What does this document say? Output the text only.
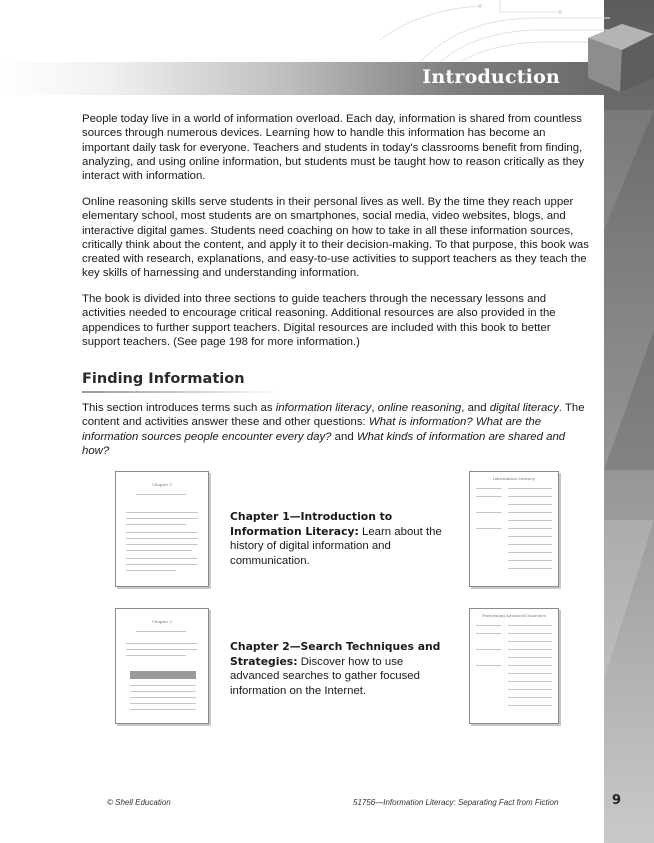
Introduction

People today live in a world of information overload. Each day, information is shared from countless sources through numerous devices. Learning how to handle this information has become an important daily task for everyone. Teachers and students in today's classrooms benefit from finding, analyzing, and using online information, but students must be taught how to reason critically as they interact with information.

Online reasoning skills serve students in their personal lives as well. By the time they reach upper elementary school, most students are on smartphones, social media, video websites, blogs, and interactive digital games. Students need coaching on how to take in all these information sources, critically think about the content, and apply it to their decision-making. To that purpose, this book was created with research, explanations, and easy-to-use activities to support teachers as they teach the key skills of harnessing and understanding information.

The book is divided into three sections to guide teachers through the necessary lessons and activities needed to encourage critical reasoning. Additional resources are also provided in the appendices to further support teachers. Digital resources are included with this book to better support teachers. (See page 198 for more information.)

Finding Information

This section introduces terms such as information literacy, online reasoning, and digital literacy. The content and activities answer these and other questions: What is information? What are the information sources people encounter every day? and What kinds of information are shared and how?

Chapter 1
Information Literacy

Chapter 1—Introduction to Information Literacy: Learn about the history of digital information and communication.

Chapter 2
Performing Advanced Searches

Chapter 2—Search Techniques and Strategies: Discover how to use advanced searches to gather focused information on the Internet.

© Shell Education	51756—Information Literacy: Separating Fact from Fiction	9
